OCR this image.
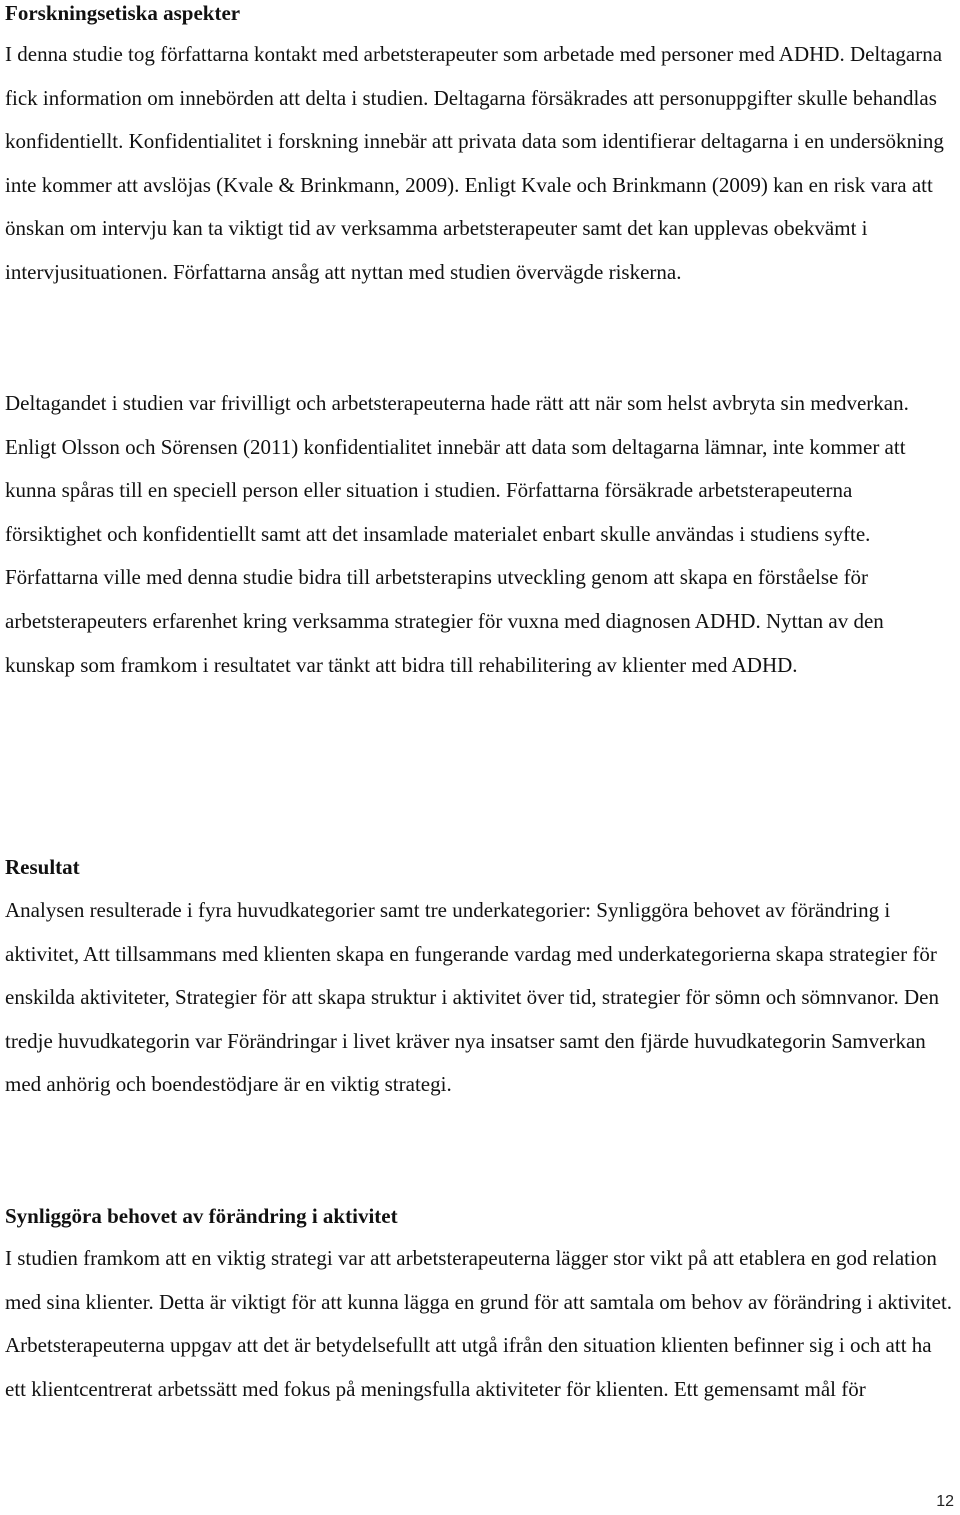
Forskningsetiska aspekter

I denna studie tog författarna kontakt med arbetsterapeuter som arbetade med personer med ADHD. Deltagarna fick information om innebörden att delta i studien. Deltagarna försäkrades att personuppgifter skulle behandlas konfidentiellt. Konfidentialitet i forskning innebär att privata data som identifierar deltagarna i en undersökning inte kommer att avslöjas (Kvale & Brinkmann, 2009). Enligt Kvale och Brinkmann (2009) kan en risk vara att önskan om intervju kan ta viktigt tid av verksamma arbetsterapeuter samt det kan upplevas obekvämt i intervjusituationen. Författarna ansåg att nyttan med studien övervägde riskerna.

Deltagandet i studien var frivilligt och arbetsterapeuterna hade rätt att när som helst avbryta sin medverkan. Enligt Olsson och Sörensen (2011) konfidentialitet innebär att data som deltagarna lämnar, inte kommer att kunna spåras till en speciell person eller situation i studien. Författarna försäkrade arbetsterapeuterna försiktighet och konfidentiellt samt att det insamlade materialet enbart skulle användas i studiens syfte. Författarna ville med denna studie bidra till arbetsterapins utveckling genom att skapa en förståelse för arbetsterapeuters erfarenhet kring verksamma strategier för vuxna med diagnosen ADHD. Nyttan av den kunskap som framkom i resultatet var tänkt att bidra till rehabilitering av klienter med ADHD.

Resultat

Analysen resulterade i fyra huvudkategorier samt tre underkategorier: Synliggöra behovet av förändring i aktivitet, Att tillsammans med klienten skapa en fungerande vardag med underkategorierna skapa strategier för enskilda aktiviteter, Strategier för att skapa struktur i aktivitet över tid, strategier för sömn och sömnvanor. Den tredje huvudkategorin var Förändringar i livet kräver nya insatser samt den fjärde huvudkategorin Samverkan med anhörig och boendestödjare är en viktig strategi.

Synliggöra behovet av förändring i aktivitet

I studien framkom att en viktig strategi var att arbetsterapeuterna lägger stor vikt på att etablera en god relation med sina klienter. Detta är viktigt för att kunna lägga en grund för att samtala om behov av förändring i aktivitet. Arbetsterapeuterna uppgav att det är betydelsefullt att utgå ifrån den situation klienten befinner sig i och att ha ett klientcentrerat arbetssätt med fokus på meningsfulla aktiviteter för klienten. Ett gemensamt mål för

12
